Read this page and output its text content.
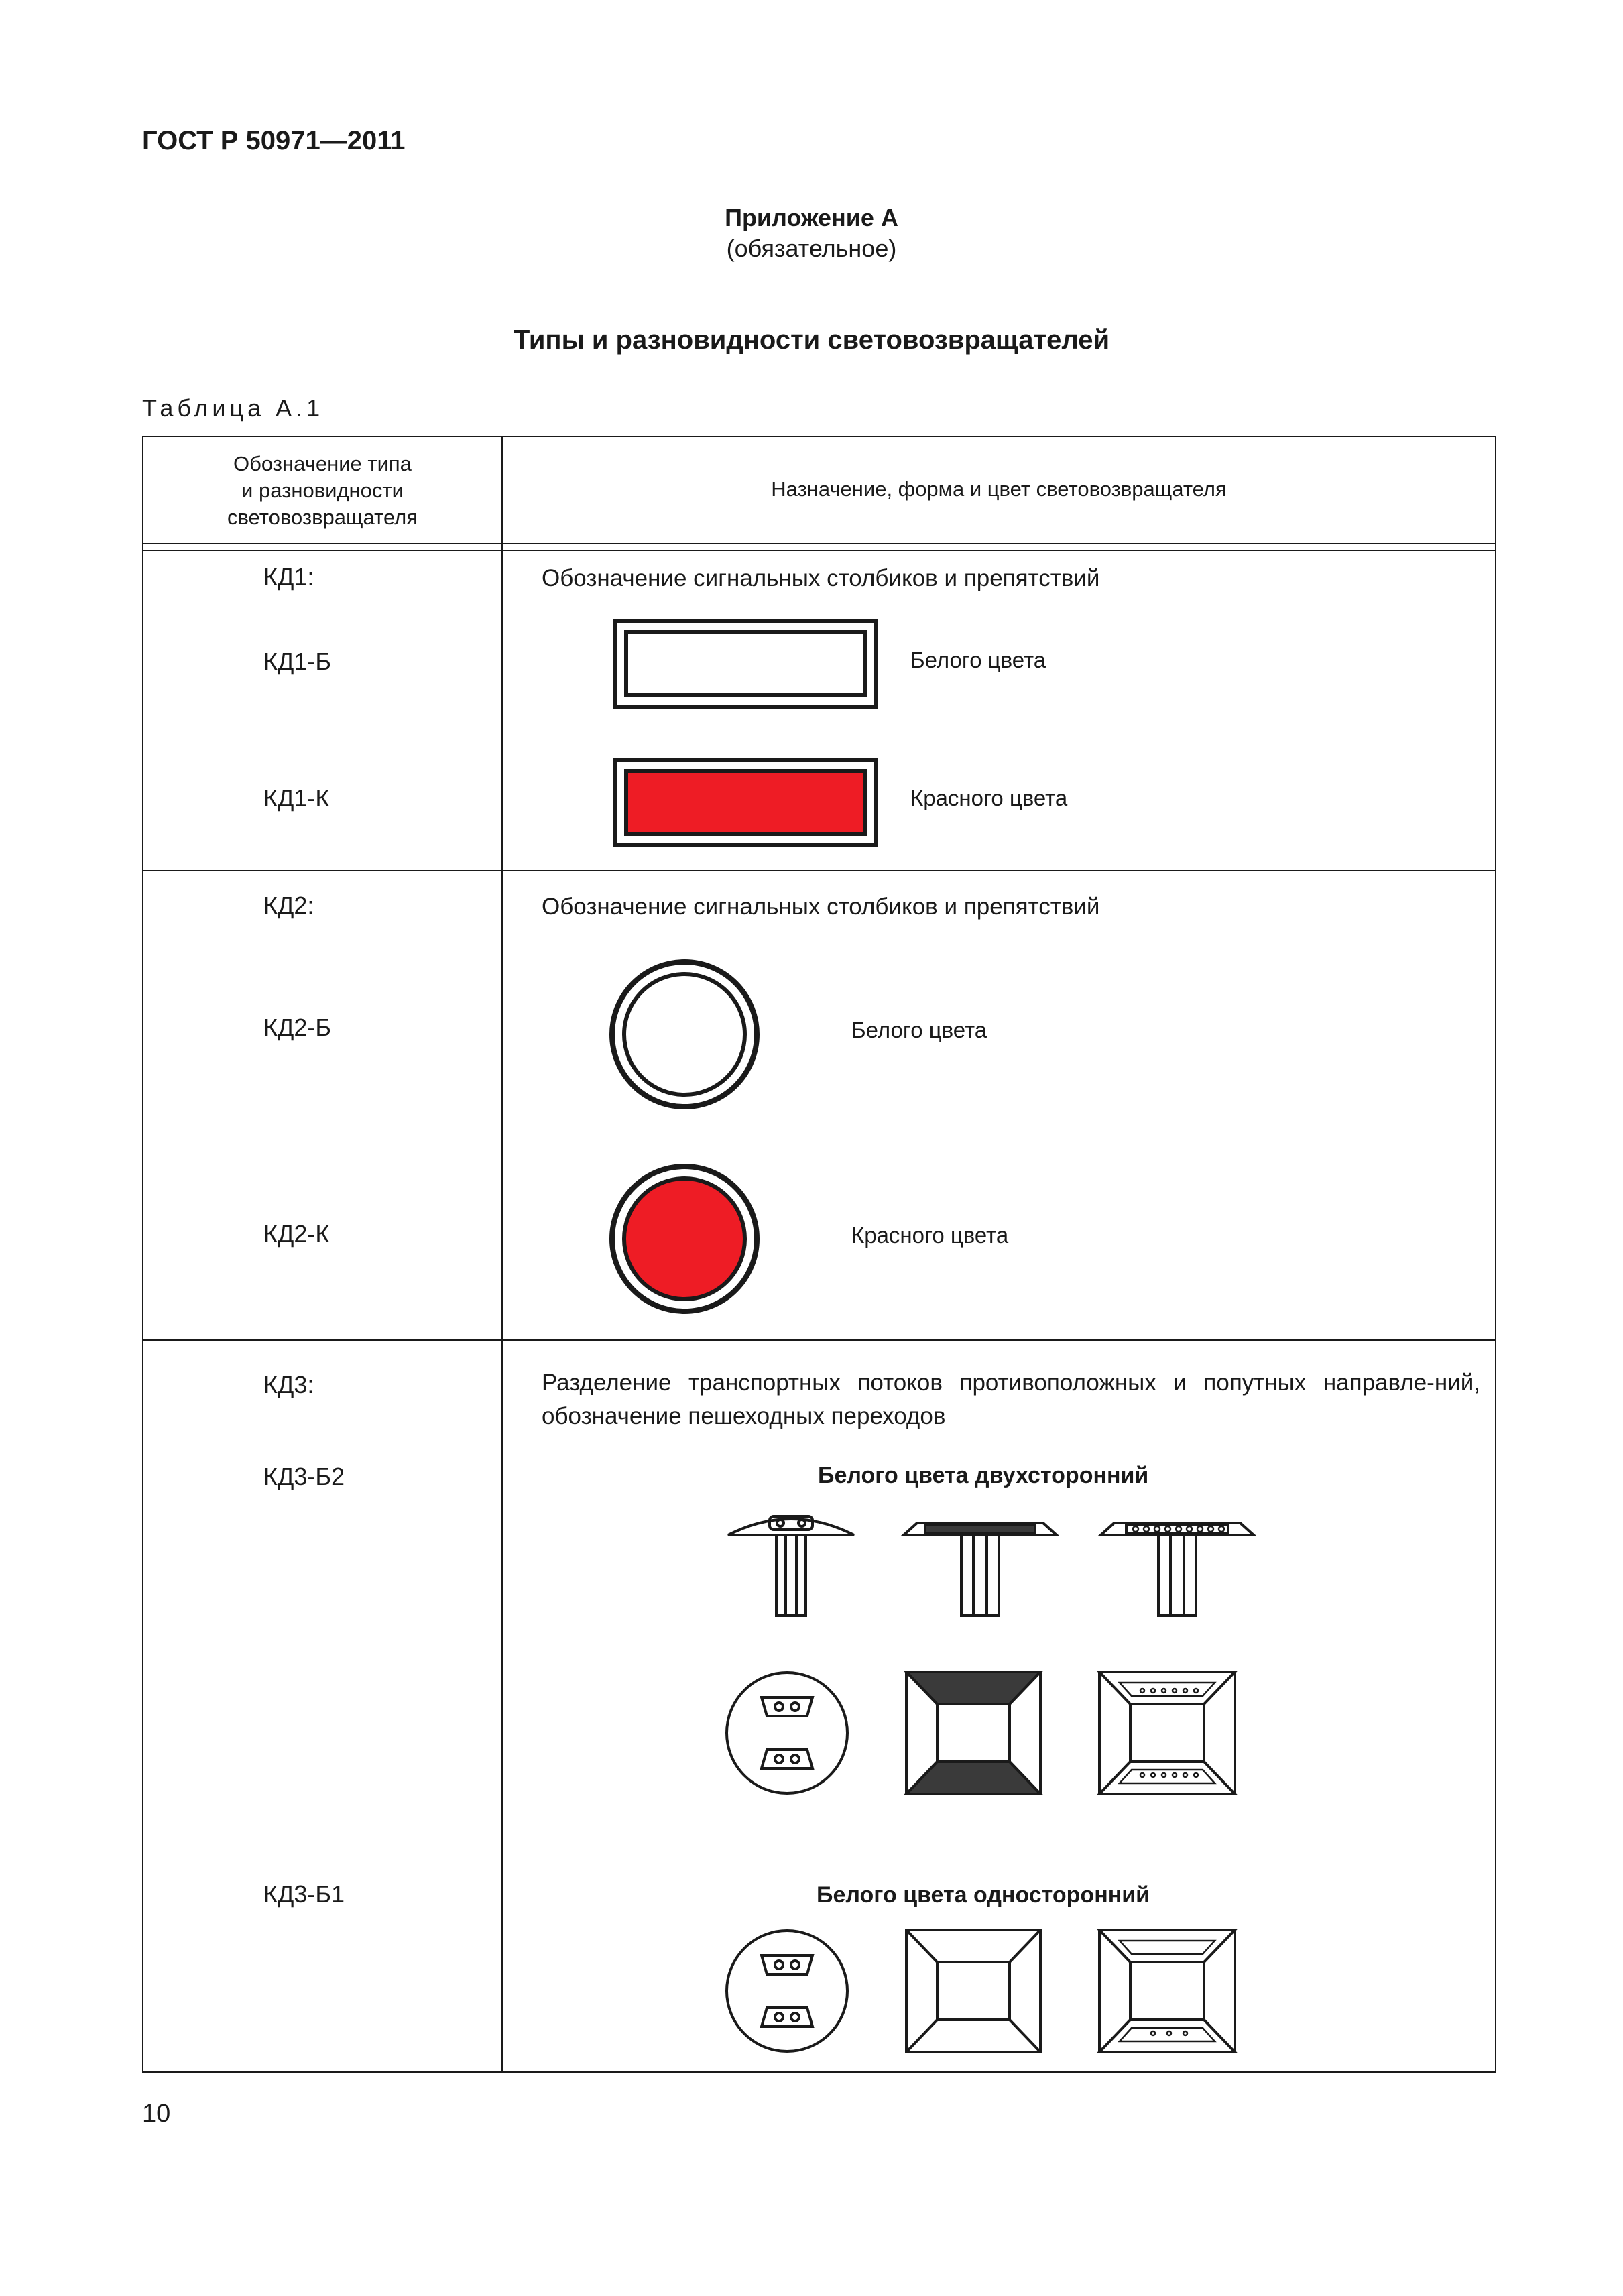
ГОСТ Р 50971—2011
Приложение А
(обязательное)
Типы и разновидности световозвращателей
Таблица А.1
Обозначение типа
и разновидности
световозвращателя
Назначение, форма и цвет световозвращателя
КД1:
КД1-Б
КД1-К
Обозначение сигнальных столбиков и препятствий
Белого цвета
Красного цвета
КД2:
КД2-Б
КД2-К
Обозначение сигнальных столбиков и препятствий
Белого цвета
Красного цвета
КД3:
КД3-Б2
КД3-Б1
Разделение транспортных потоков противоположных и попутных направле-ний, обозначение пешеходных переходов
Белого цвета двухсторонний
Белого цвета односторонний
10
